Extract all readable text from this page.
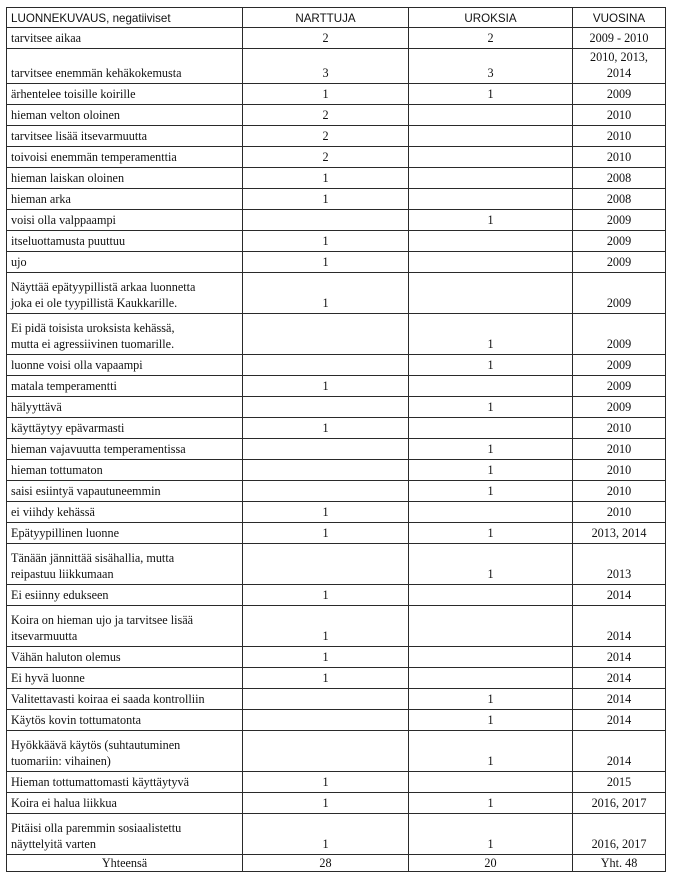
LUONNEKUVAUS, negatiiviset	NARTTUJA	UROKSIA	VUOSINA

tarvitsee aikaa	2	2	2009 - 2010

tarvitsee enemmän kehäkokemusta	3	3	2010, 2013, 2014

ärhentelee toisille koirille	1	1	2009

hieman velton oloinen	2		2010

tarvitsee lisää itsevarmuutta	2		2010

toivoisi enemmän temperamenttia	2		2010

hieman laiskan oloinen	1		2008

hieman arka	1		2008

voisi olla valppaampi		1	2009

itseluottamusta puuttuu	1		2009

ujo	1		2009

Näyttää epätyypillistä arkaa luonnetta
joka ei ole tyypillistä Kaukkarille.	1		2009

Ei pidä toisista uroksista kehässä,
mutta ei agressiivinen tuomarille.		1	2009

luonne voisi olla vapaampi		1	2009

matala temperamentti	1		2009

hälyyttävä		1	2009

käyttäytyy epävarmasti	1		2010

hieman vajavuutta temperamentissa		1	2010

hieman tottumaton		1	2010

saisi esiintyä vapautuneemmin		1	2010

ei viihdy kehässä	1		2010

Epätyypillinen luonne	1	1	2013, 2014

Tänään jännittää sisähallia, mutta
reipastuu liikkumaan		1	2013

Ei esiinny edukseen	1		2014

Koira on hieman ujo ja tarvitsee lisää
itsevarmuutta	1		2014

Vähän haluton olemus	1		2014

Ei hyvä luonne	1		2014

Valitettavasti koiraa ei saada kontrolliin		1	2014

Käytös kovin tottumatonta		1	2014

Hyökkäävä käytös (suhtautuminen
tuomariin: vihainen)		1	2014

Hieman tottumattomasti käyttäytyvä	1		2015

Koira ei halua liikkua	1	1	2016, 2017

Pitäisi olla paremmin sosiaalistettu
näyttelyitä varten	1	1	2016, 2017
Yhteensä	28	20	Yht. 48
